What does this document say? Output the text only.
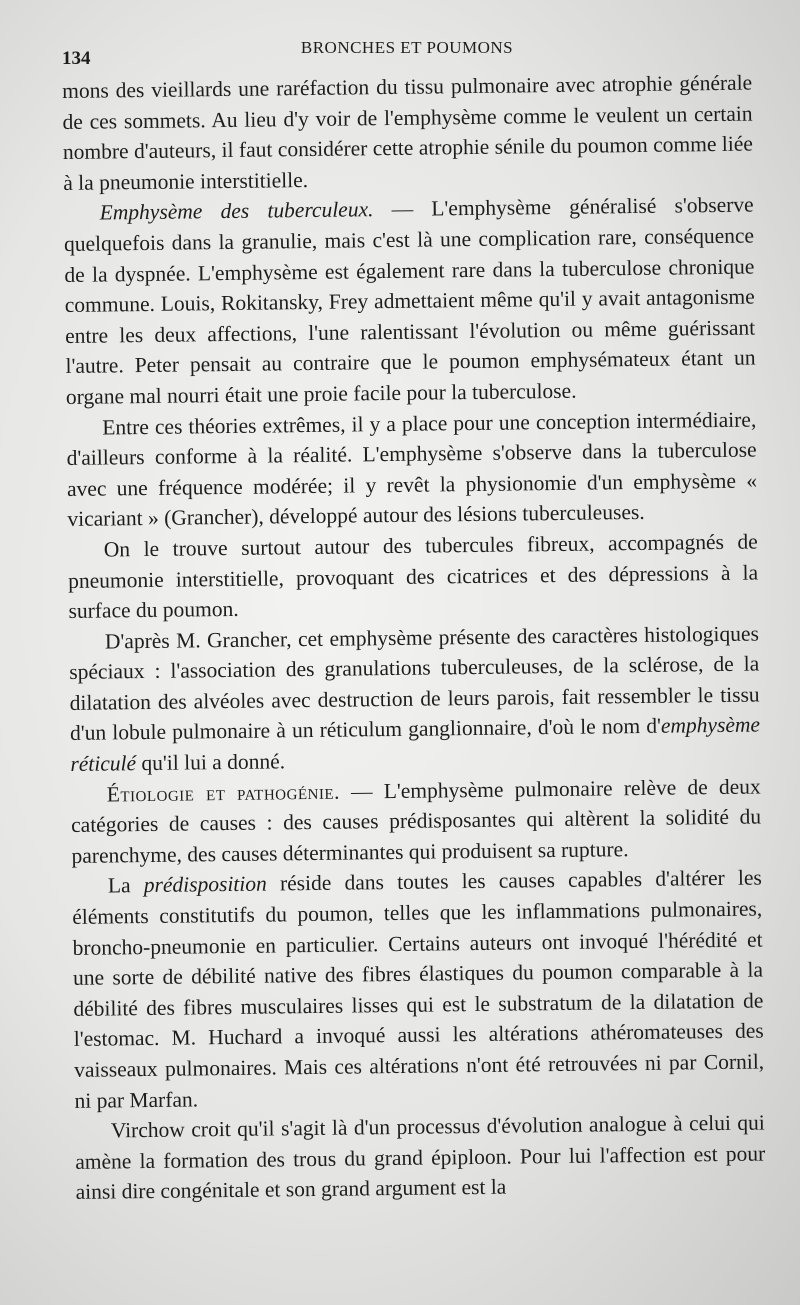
134
BRONCHES ET POUMONS

mons des vieillards une raréfaction du tissu pulmonaire avec atrophie générale de ces sommets. Au lieu d'y voir de l'emphysème comme le veulent un certain nombre d'auteurs, il faut considérer cette atrophie sénile du poumon comme liée à la pneumonie interstitielle.

Emphysème des tuberculeux. — L'emphysème généralisé s'observe quelquefois dans la granulie, mais c'est là une complication rare, conséquence de la dyspnée. L'emphysème est également rare dans la tuberculose chronique commune. Louis, Rokitansky, Frey admettaient même qu'il y avait antagonisme entre les deux affections, l'une ralentissant l'évolution ou même guérissant l'autre. Peter pensait au contraire que le poumon emphysémateux étant un organe mal nourri était une proie facile pour la tuberculose.

Entre ces théories extrêmes, il y a place pour une conception intermédiaire, d'ailleurs conforme à la réalité. L'emphysème s'observe dans la tuberculose avec une fréquence modérée; il y revêt la physionomie d'un emphysème « vicariant » (Grancher), développé autour des lésions tuberculeuses.

On le trouve surtout autour des tubercules fibreux, accompagnés de pneumonie interstitielle, provoquant des cicatrices et des dépressions à la surface du poumon.

D'après M. Grancher, cet emphysème présente des caractères histologiques spéciaux : l'association des granulations tuberculeuses, de la sclérose, de la dilatation des alvéoles avec destruction de leurs parois, fait ressembler le tissu d'un lobule pulmonaire à un réticulum ganglionnaire, d'où le nom d'emphysème réticulé qu'il lui a donné.

Étiologie et pathogénie. — L'emphysème pulmonaire relève de deux catégories de causes : des causes prédisposantes qui altèrent la solidité du parenchyme, des causes déterminantes qui produisent sa rupture.

La prédisposition réside dans toutes les causes capables d'altérer les éléments constitutifs du poumon, telles que les inflammations pulmonaires, broncho-pneumonie en particulier. Certains auteurs ont invoqué l'hérédité et une sorte de débilité native des fibres élastiques du poumon comparable à la débilité des fibres musculaires lisses qui est le substratum de la dilatation de l'estomac. M. Huchard a invoqué aussi les altérations athéromateuses des vaisseaux pulmonaires. Mais ces altérations n'ont été retrouvées ni par Cornil, ni par Marfan.

Virchow croit qu'il s'agit là d'un processus d'évolution analogue à celui qui amène la formation des trous du grand épiploon. Pour lui l'affection est pour ainsi dire congénitale et son grand argument est la
